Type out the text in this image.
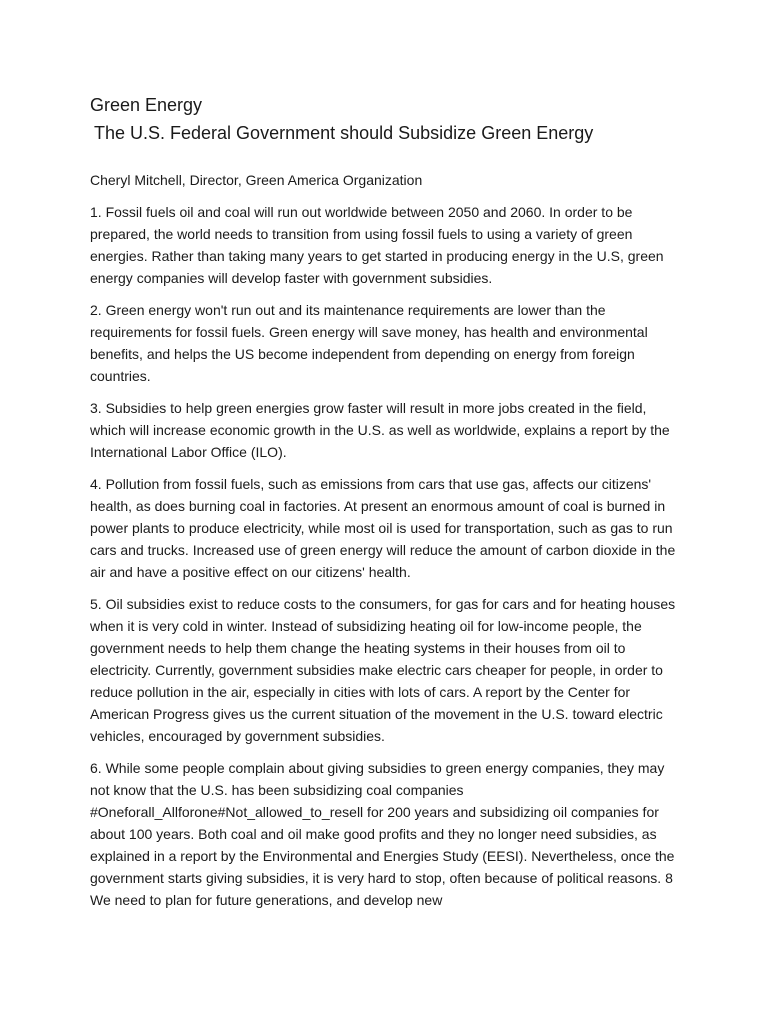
Green Energy
The U.S. Federal Government should Subsidize Green Energy

Cheryl Mitchell, Director, Green America Organization

1. Fossil fuels oil and coal will run out worldwide between 2050 and 2060. In order to be prepared, the world needs to transition from using fossil fuels to using a variety of green energies. Rather than taking many years to get started in producing energy in the U.S, green energy companies will develop faster with government subsidies.

2. Green energy won't run out and its maintenance requirements are lower than the requirements for fossil fuels. Green energy will save money, has health and environmental benefits, and helps the US become independent from depending on energy from foreign countries.

3. Subsidies to help green energies grow faster will result in more jobs created in the field, which will increase economic growth in the U.S. as well as worldwide, explains a report by the International Labor Office (ILO).

4. Pollution from fossil fuels, such as emissions from cars that use gas, affects our citizens' health, as does burning coal in factories. At present an enormous amount of coal is burned in power plants to produce electricity, while most oil is used for transportation, such as gas to run cars and trucks. Increased use of green energy will reduce the amount of carbon dioxide in the air and have a positive effect on our citizens' health.

5. Oil subsidies exist to reduce costs to the consumers, for gas for cars and for heating houses when it is very cold in winter. Instead of subsidizing heating oil for low-income people, the government needs to help them change the heating systems in their houses from oil to electricity. Currently, government subsidies make electric cars cheaper for people, in order to reduce pollution in the air, especially in cities with lots of cars. A report by the Center for American Progress gives us the current situation of the movement in the U.S. toward electric vehicles, encouraged by government subsidies.

6. While some people complain about giving subsidies to green energy companies, they may not know that the U.S. has been subsidizing coal companies #Oneforall_Allforone#Not_allowed_to_resell for 200 years and subsidizing oil companies for about 100 years. Both coal and oil make good profits and they no longer need subsidies, as explained in a report by the Environmental and Energies Study (EESI). Nevertheless, once the government starts giving subsidies, it is very hard to stop, often because of political reasons. 8 We need to plan for future generations, and develop new
